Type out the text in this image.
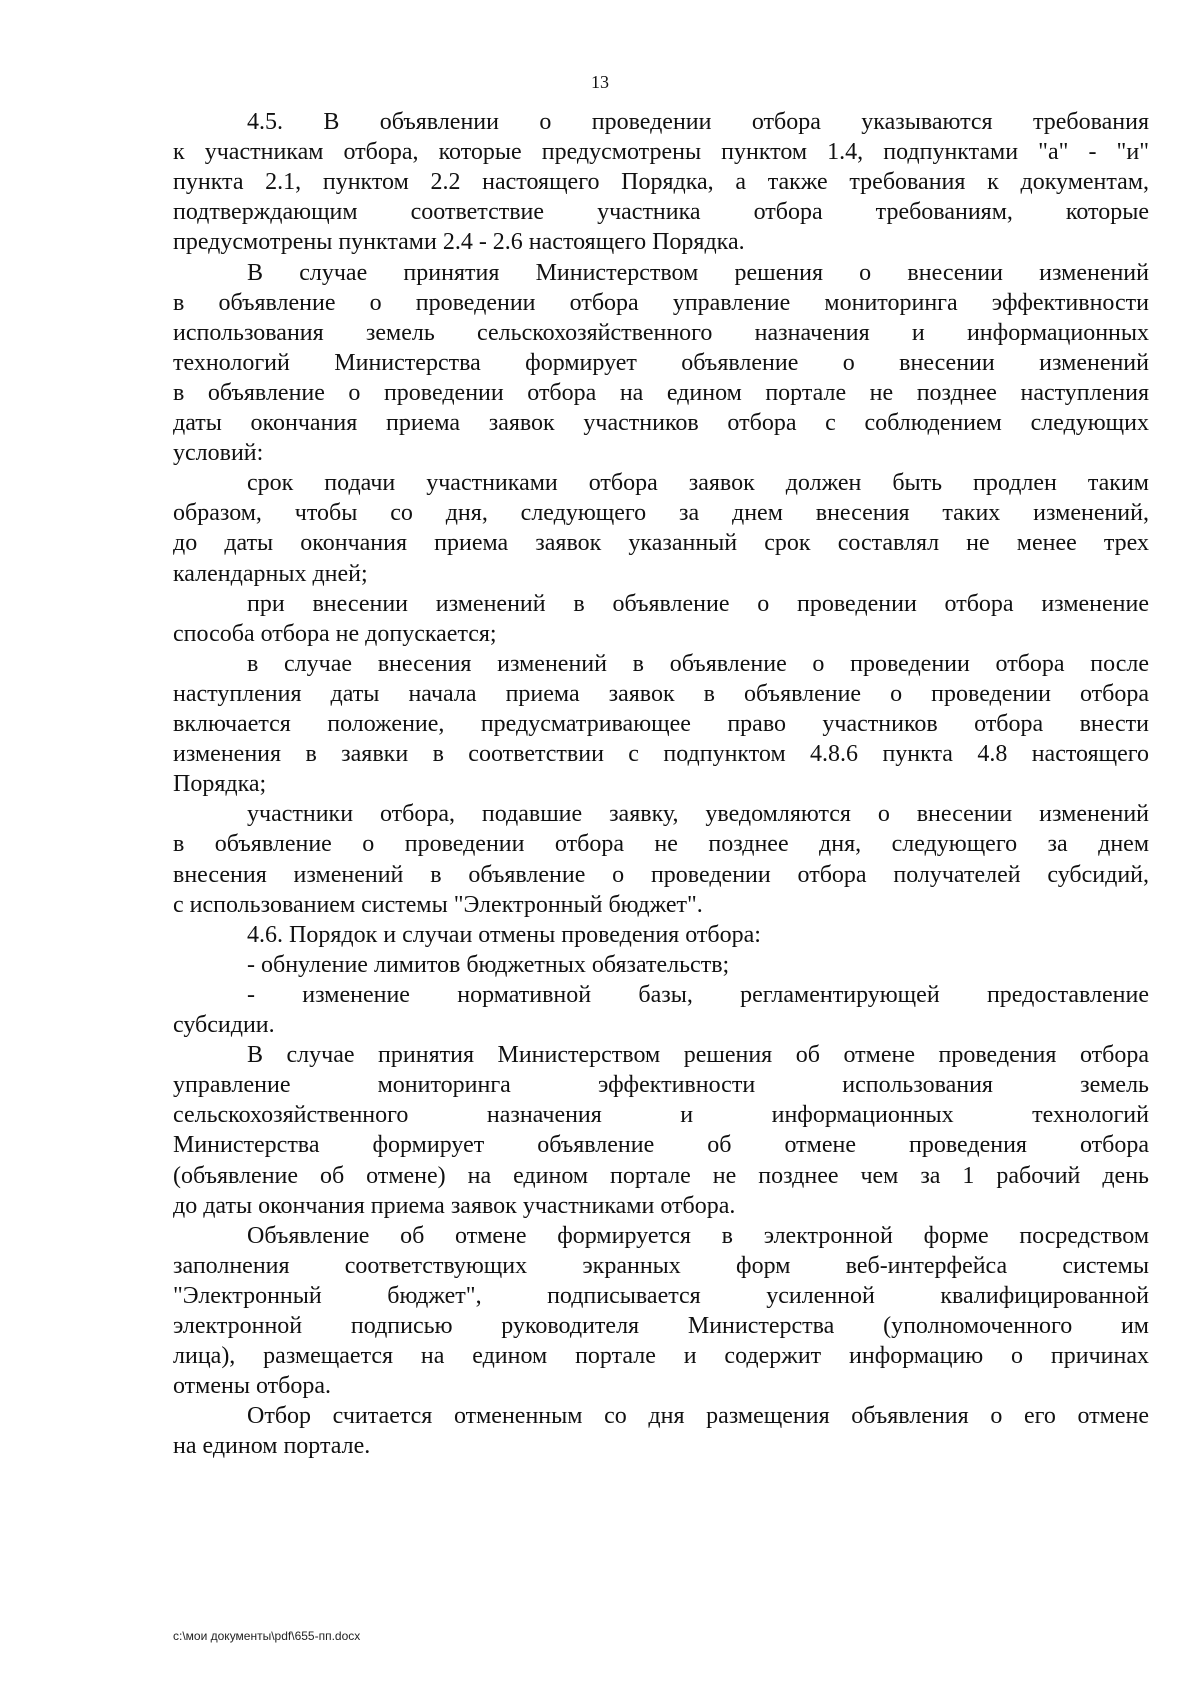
13
4.5. В объявлении о проведении отбора указываются требования
к участникам отбора, которые предусмотрены пунктом 1.4, подпунктами "а" - "и"
пункта 2.1, пунктом 2.2 настоящего Порядка, а также требования к документам,
подтверждающим соответствие участника отбора требованиям, которые
предусмотрены пунктами 2.4 - 2.6 настоящего Порядка.
В случае принятия Министерством решения о внесении изменений
в объявление о проведении отбора управление мониторинга эффективности
использования земель сельскохозяйственного назначения и информационных
технологий Министерства формирует объявление о внесении изменений
в объявление о проведении отбора на едином портале не позднее наступления
даты окончания приема заявок участников отбора с соблюдением следующих
условий:
срок подачи участниками отбора заявок должен быть продлен таким
образом, чтобы со дня, следующего за днем внесения таких изменений,
до даты окончания приема заявок указанный срок составлял не менее трех
календарных дней;
при внесении изменений в объявление о проведении отбора изменение
способа отбора не допускается;
в случае внесения изменений в объявление о проведении отбора после
наступления даты начала приема заявок в объявление о проведении отбора
включается положение, предусматривающее право участников отбора внести
изменения в заявки в соответствии с подпунктом 4.8.6 пункта 4.8 настоящего
Порядка;
участники отбора, подавшие заявку, уведомляются о внесении изменений
в объявление о проведении отбора не позднее дня, следующего за днем
внесения изменений в объявление о проведении отбора получателей субсидий,
с использованием системы "Электронный бюджет".
4.6. Порядок и случаи отмены проведения отбора:
- обнуление лимитов бюджетных обязательств;
- изменение нормативной базы, регламентирующей предоставление
субсидии.
В случае принятия Министерством решения об отмене проведения отбора
управление мониторинга эффективности использования земель
сельскохозяйственного назначения и информационных технологий
Министерства формирует объявление об отмене проведения отбора
(объявление об отмене) на едином портале не позднее чем за 1 рабочий день
до даты окончания приема заявок участниками отбора.
Объявление об отмене формируется в электронной форме посредством
заполнения соответствующих экранных форм веб-интерфейса системы
"Электронный бюджет", подписывается усиленной квалифицированной
электронной подписью руководителя Министерства (уполномоченного им
лица), размещается на едином портале и содержит информацию о причинах
отмены отбора.
Отбор считается отмененным со дня размещения объявления о его отмене
на едином портале.
c:\мои документы\pdf\655-пп.docx
